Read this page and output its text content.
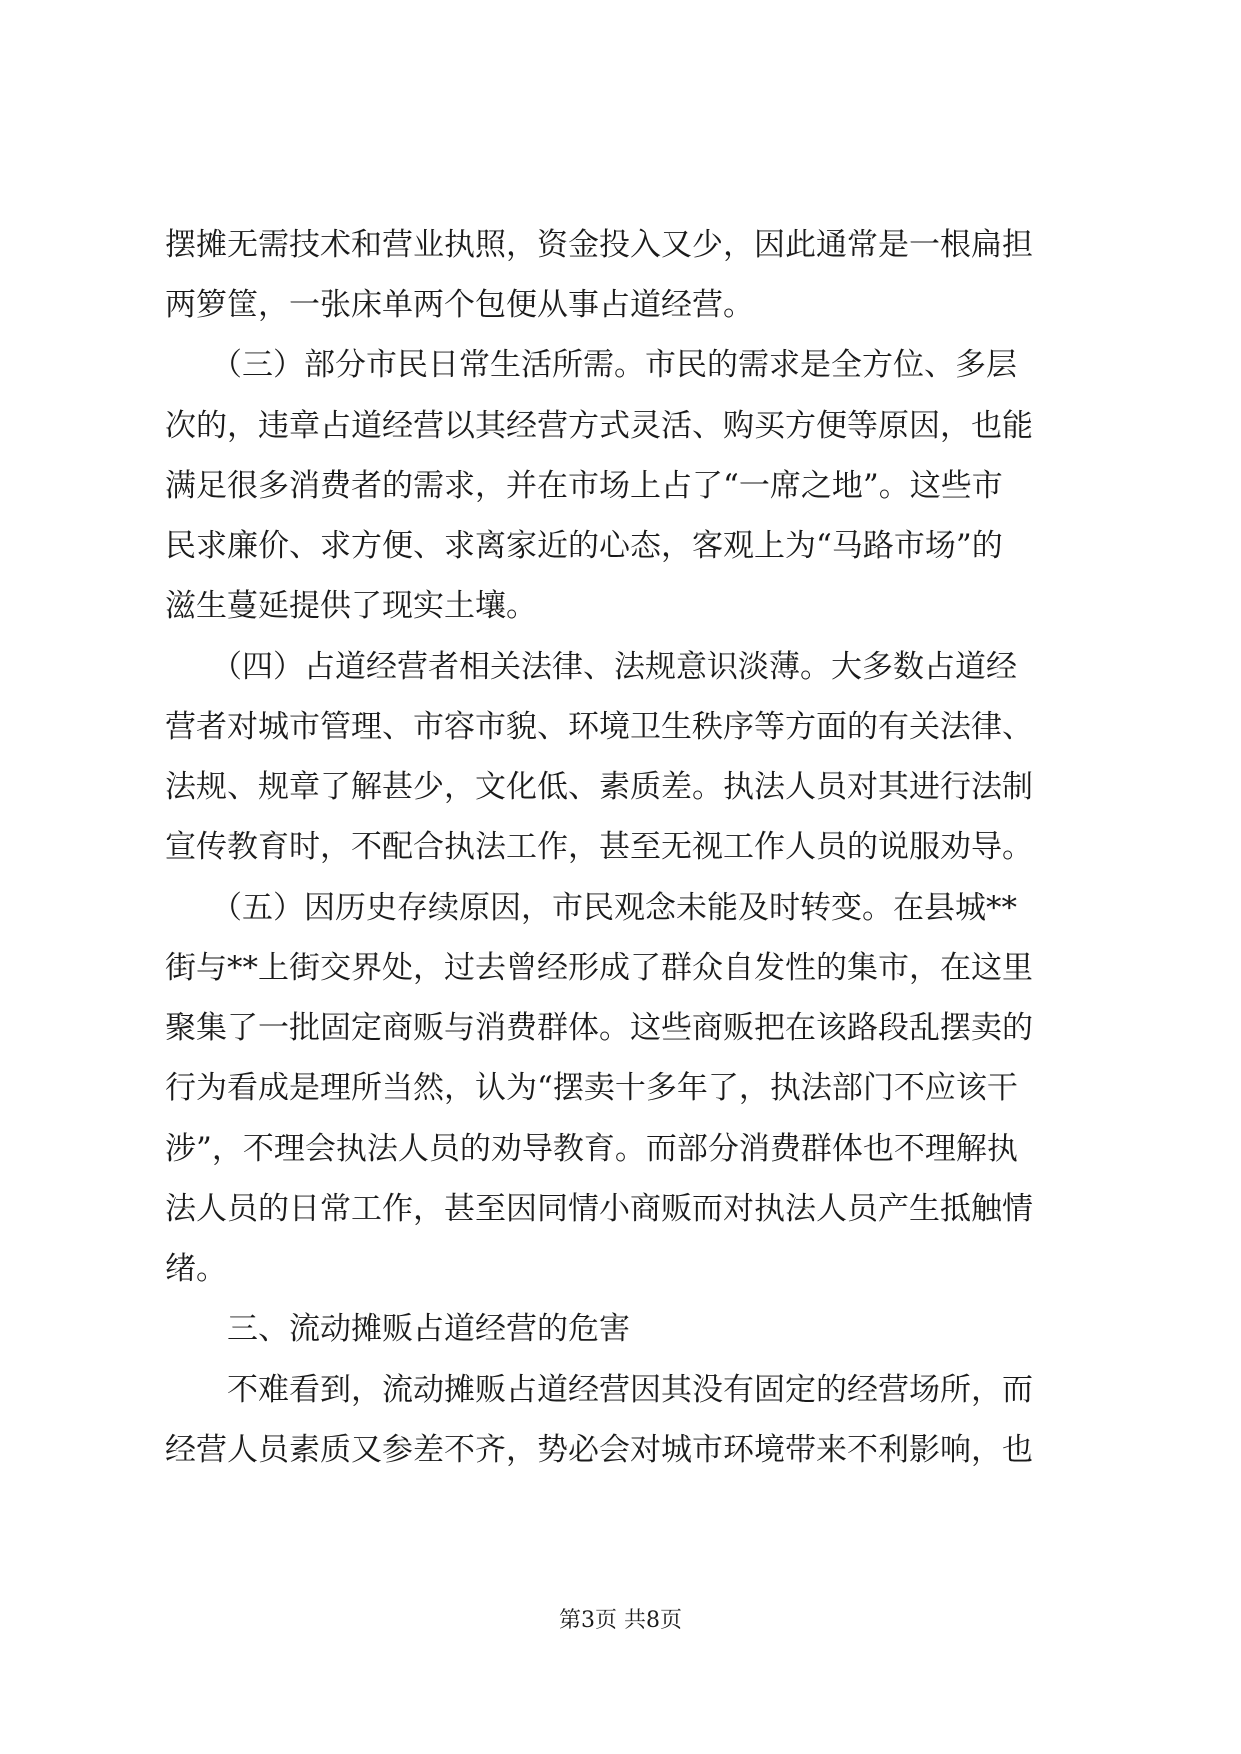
摆摊无需技术和营业执照，资金投入又少，因此通常是一根扁担
两箩筐，一张床单两个包便从事占道经营。
（三）部分市民日常生活所需。市民的需求是全方位、多层
次的，违章占道经营以其经营方式灵活、购买方便等原因，也能
满足很多消费者的需求，并在市场上占了“一席之地”。这些市
民求廉价、求方便、求离家近的心态，客观上为“马路市场”的
滋生蔓延提供了现实土壤。
（四）占道经营者相关法律、法规意识淡薄。大多数占道经
营者对城市管理、市容市貌、环境卫生秩序等方面的有关法律、
法规、规章了解甚少，文化低、素质差。执法人员对其进行法制
宣传教育时，不配合执法工作，甚至无视工作人员的说服劝导。
（五）因历史存续原因，市民观念未能及时转变。在县城**
街与**上街交界处，过去曾经形成了群众自发性的集市，在这里
聚集了一批固定商贩与消费群体。这些商贩把在该路段乱摆卖的
行为看成是理所当然，认为“摆卖十多年了，执法部门不应该干
涉”，不理会执法人员的劝导教育。而部分消费群体也不理解执
法人员的日常工作，甚至因同情小商贩而对执法人员产生抵触情
绪。
三、流动摊贩占道经营的危害
不难看到，流动摊贩占道经营因其没有固定的经营场所，而
经营人员素质又参差不齐，势必会对城市环境带来不利影响，也
第3页 共8页
